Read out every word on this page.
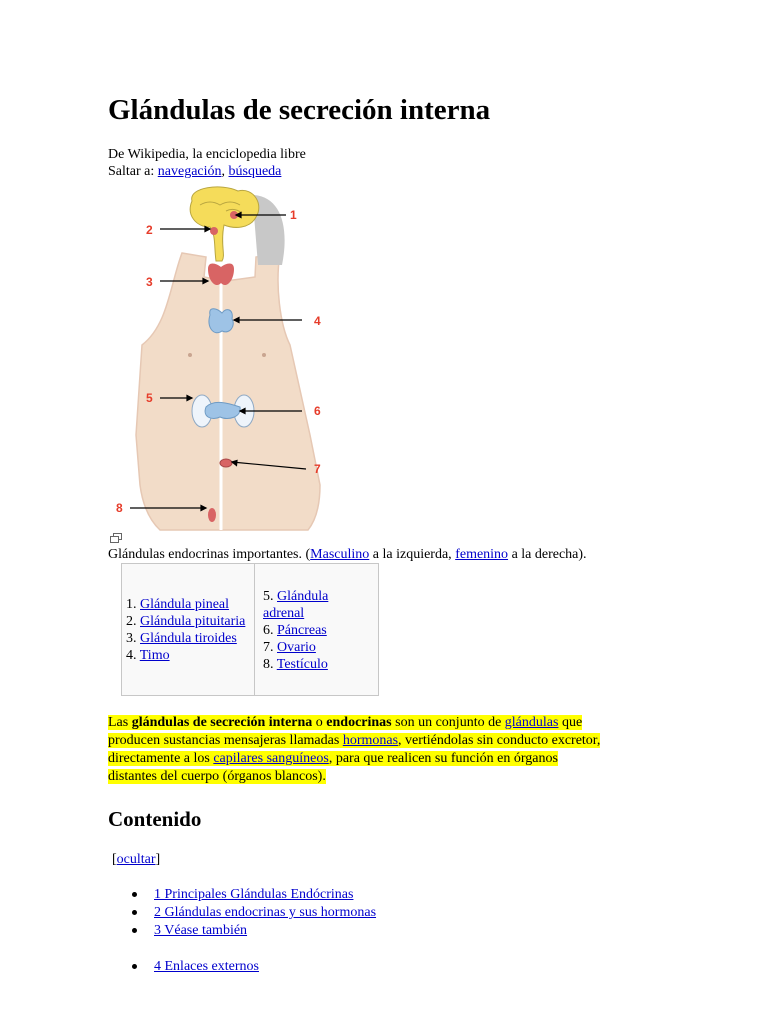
Glándulas de secreción interna
De Wikipedia, la enciclopedia libre
Saltar a: navegación, búsqueda
1
2
3
4
5
6
7
8
Glándulas endocrinas importantes. (Masculino a la izquierda, femenino a la derecha).
1. Glándula pineal
2. Glándula pituitaria
3. Glándula tiroides
4. Timo
5. Glándula
adrenal
6. Páncreas
7. Ovario
8. Testículo
Las glándulas de secreción interna o endocrinas son un conjunto de glándulas que
producen sustancias mensajeras llamadas hormonas, vertiéndolas sin conducto excretor,
directamente a los capilares sanguíneos, para que realicen su función en órganos
distantes del cuerpo (órganos blancos).
Contenido
[ocultar]
1 Principales Glándulas Endócrinas
2 Glándulas endocrinas y sus hormonas
3 Véase también
4 Enlaces externos
